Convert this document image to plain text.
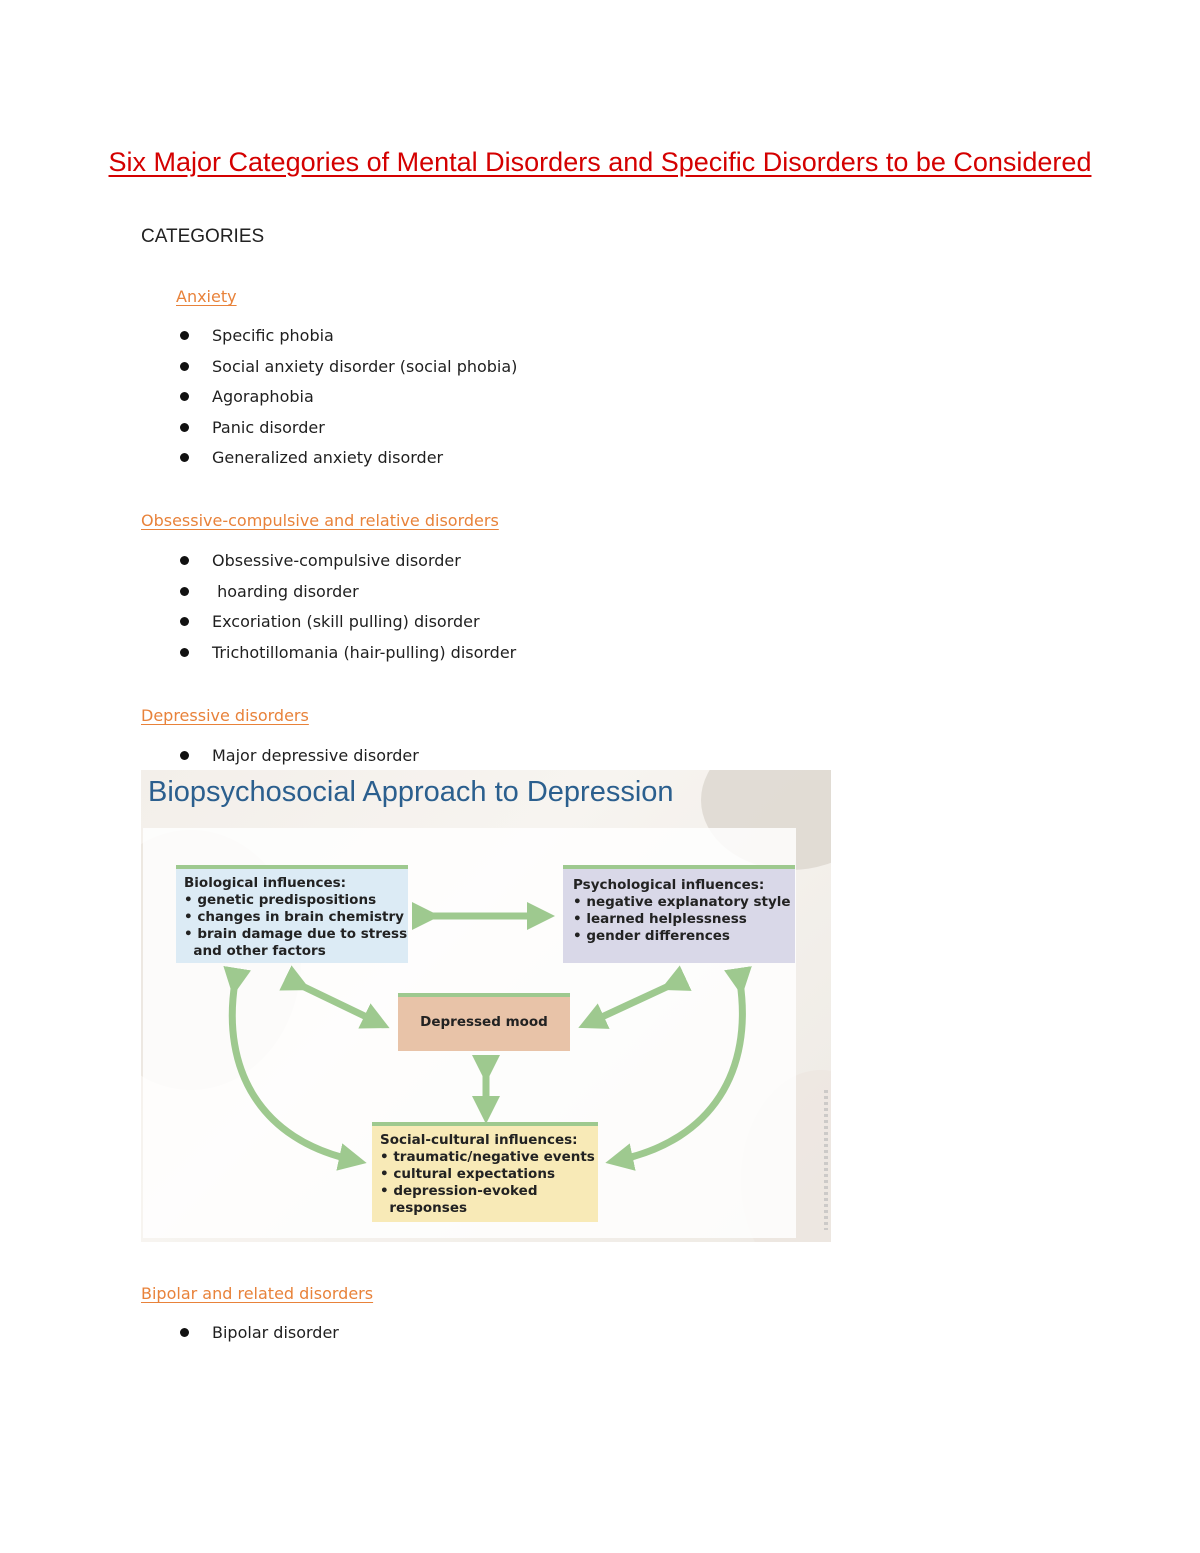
Six Major Categories of Mental Disorders and Specific Disorders to be Considered
CATEGORIES
Anxiety
Specific phobia
Social anxiety disorder (social phobia)
Agoraphobia
Panic disorder
Generalized anxiety disorder
Obsessive-compulsive and relative disorders
Obsessive-compulsive disorder
hoarding disorder
Excoriation (skill pulling) disorder
Trichotillomania (hair-pulling) disorder
Depressive disorders
Major depressive disorder
Biopsychosocial Approach to Depression
Biological influences:
• genetic predispositions
• changes in brain chemistry
• brain damage due to stress
and other factors
Psychological influences:
• negative explanatory style
• learned helplessness
• gender differences
Depressed mood
Social-cultural influences:
• traumatic/negative events
• cultural expectations
• depression-evoked
responses
Bipolar and related disorders
Bipolar disorder
